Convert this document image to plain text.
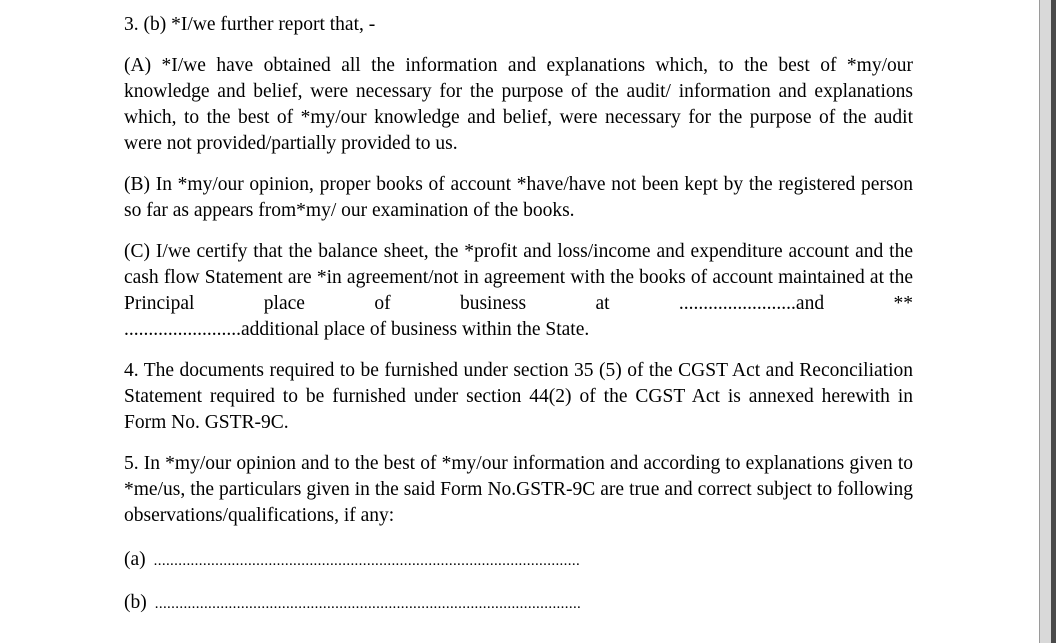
3. (b) *I/we further report that, -

(A) *I/we have obtained all the information and explanations which, to the best of *my/our knowledge and belief, were necessary for the purpose of the audit/ information and explanations which, to the best of *my/our knowledge and belief, were necessary for the purpose of the audit were not provided/partially provided to us.

(B) In *my/our opinion, proper books of account *have/have not been kept by the registered person so far as appears from*my/ our examination of the books.

(C) I/we certify that the balance sheet, the *profit and loss/income and expenditure account and the cash flow Statement are *in agreement/not in agreement with the books of account maintained at the Principal place of business at ........................and **

........................additional place of business within the State.

4. The documents required to be furnished under section 35 (5) of the CGST Act and Reconciliation Statement required to be furnished under section 44(2) of the CGST Act is annexed herewith in Form No. GSTR-9C.

5. In *my/our opinion and to the best of *my/our information and according to explanations given to *me/us, the particulars given in the said Form No.GSTR-9C are true and correct subject to following observations/qualifications, if any:

(a) ........................................................................................................
(b) ........................................................................................................
